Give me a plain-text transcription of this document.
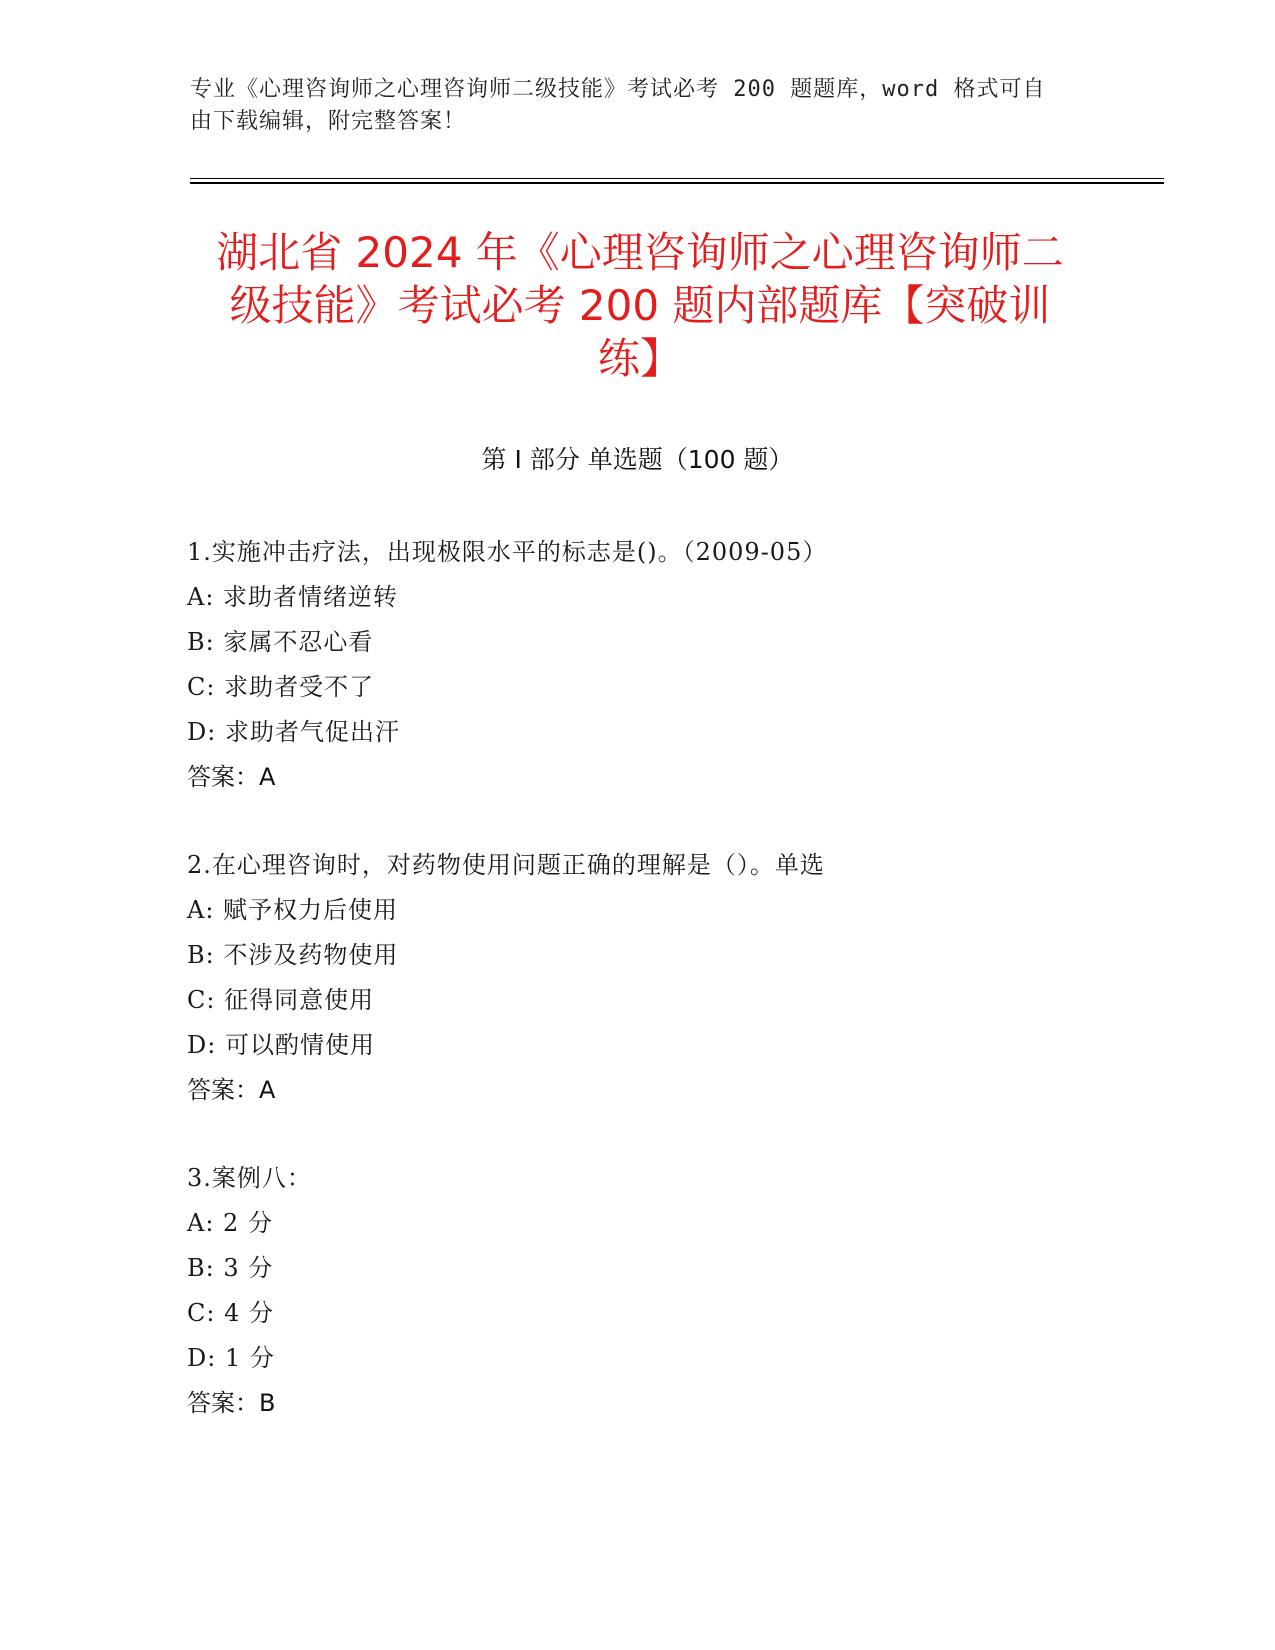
专业《心理咨询师之心理咨询师二级技能》考试必考 200 题题库，word 格式可自
由下载编辑，附完整答案！
湖北省 2024 年《心理咨询师之心理咨询师二
级技能》考试必考 200 题内部题库【突破训
练】
第 I 部分 单选题（100 题）
1.实施冲击疗法，出现极限水平的标志是()。（2009-05）
A: 求助者情绪逆转
B: 家属不忍心看
C: 求助者受不了
D: 求助者气促出汗
答案：A
2.在心理咨询时，对药物使用问题正确的理解是（）。单选
A: 赋予权力后使用
B: 不涉及药物使用
C: 征得同意使用
D: 可以酌情使用
答案：A
3.案例八：
A: 2 分
B: 3 分
C: 4 分
D: 1 分
答案：B
